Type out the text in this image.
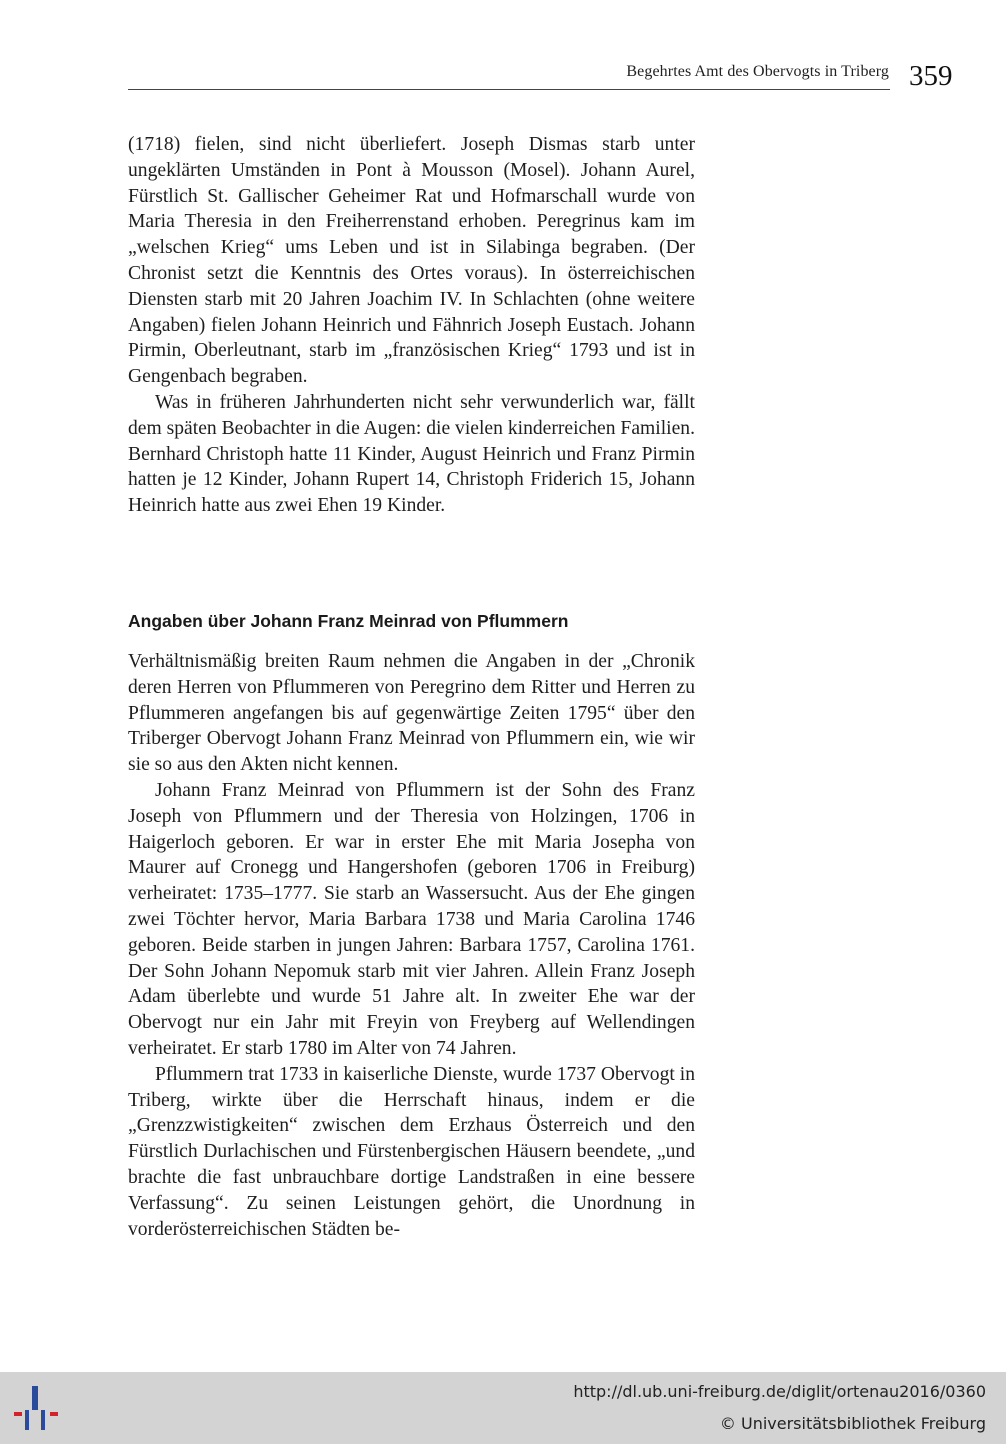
Begehrtes Amt des Obervogts in Triberg 359

(1718) fielen, sind nicht überliefert. Joseph Dismas starb unter ungeklärten Umständen in Pont à Mousson (Mosel). Johann Aurel, Fürstlich St. Gallischer Geheimer Rat und Hofmarschall wurde von Maria Theresia in den Freiherrenstand erhoben. Peregrinus kam im „welschen Krieg“ ums Leben und ist in Silabinga begraben. (Der Chronist setzt die Kenntnis des Ortes voraus). In österreichischen Diensten starb mit 20 Jahren Joachim IV. In Schlachten (ohne weitere Angaben) fielen Johann Heinrich und Fähnrich Joseph Eustach. Johann Pirmin, Oberleutnant, starb im „französischen Krieg“ 1793 und ist in Gengenbach begraben.

Was in früheren Jahrhunderten nicht sehr verwunderlich war, fällt dem späten Beobachter in die Augen: die vielen kinderreichen Familien. Bernhard Christoph hatte 11 Kinder, August Heinrich und Franz Pirmin hatten je 12 Kinder, Johann Rupert 14, Christoph Friderich 15, Johann Heinrich hatte aus zwei Ehen 19 Kinder.

Angaben über Johann Franz Meinrad von Pflummern

Verhältnismäßig breiten Raum nehmen die Angaben in der „Chronik deren Herren von Pflummeren von Peregrino dem Ritter und Herren zu Pflummeren angefangen bis auf gegenwärtige Zeiten 1795“ über den Triberger Obervogt Johann Franz Meinrad von Pflummern ein, wie wir sie so aus den Akten nicht kennen.

Johann Franz Meinrad von Pflummern ist der Sohn des Franz Joseph von Pflummern und der Theresia von Holzingen, 1706 in Haigerloch geboren. Er war in erster Ehe mit Maria Josepha von Maurer auf Cronegg und Hangershofen (geboren 1706 in Freiburg) verheiratet: 1735–1777. Sie starb an Wassersucht. Aus der Ehe gingen zwei Töchter hervor, Maria Barbara 1738 und Maria Carolina 1746 geboren. Beide starben in jungen Jahren: Barbara 1757, Carolina 1761. Der Sohn Johann Nepomuk starb mit vier Jahren. Allein Franz Joseph Adam überlebte und wurde 51 Jahre alt. In zweiter Ehe war der Obervogt nur ein Jahr mit Freyin von Freyberg auf Wellendingen verheiratet. Er starb 1780 im Alter von 74 Jahren.

Pflummern trat 1733 in kaiserliche Dienste, wurde 1737 Obervogt in Triberg, wirkte über die Herrschaft hinaus, indem er die „Grenzzwistigkeiten“ zwischen dem Erzhaus Österreich und den Fürstlich Durlachischen und Fürstenbergischen Häusern beendete, „und brachte die fast unbrauchbare dortige Landstraßen in eine bessere Verfassung“. Zu seinen Leistungen gehört, die Unordnung in vorderösterreichischen Städten be-

http://dl.ub.uni-freiburg.de/diglit/ortenau2016/0360
© Universitätsbibliothek Freiburg
